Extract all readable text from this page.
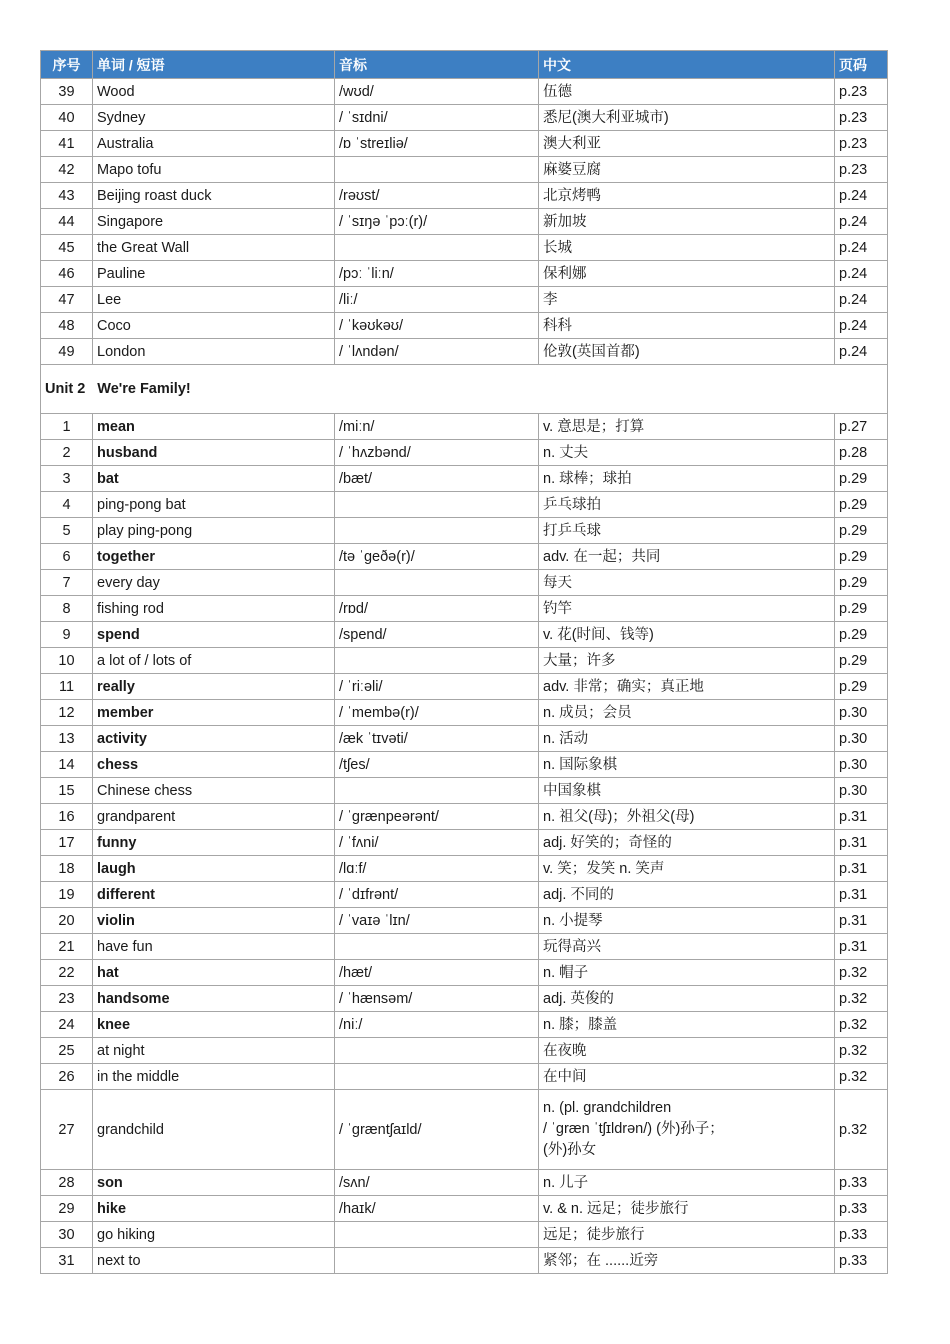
序号	单词 / 短语	音标	中文	页码
39	Wood	/wʊd/	伍德	p.23
40	Sydney	/ ˈsɪdni/	悉尼(澳大利亚城市)	p.23
41	Australia	/ɒ ˈstreɪliə/	澳大利亚	p.23
42	Mapo tofu		麻婆豆腐	p.23
43	Beijing roast duck	/rəʊst/	北京烤鸭	p.24
44	Singapore	/ ˈsɪŋə ˈpɔː(r)/	新加坡	p.24
45	the Great Wall		长城	p.24
46	Pauline	/pɔː ˈliːn/	保利娜	p.24
47	Lee	/liː/	李	p.24
48	Coco	/ ˈkəʊkəʊ/	科科	p.24
49	London	/ ˈlʌndən/	伦敦(英国首都)	p.24
Unit 2 We're Family!				
1	mean	/miːn/	v. 意思是；打算	p.27
2	husband	/ ˈhʌzbənd/	n. 丈夫	p.28
3	bat	/bæt/	n. 球棒；球拍	p.29
4	ping-pong bat		乒乓球拍	p.29
5	play ping-pong		打乒乓球	p.29
6	together	/tə ˈɡeðə(r)/	adv. 在一起；共同	p.29
7	every day		每天	p.29
8	fishing rod	/rɒd/	钓竿	p.29
9	spend	/spend/	v. 花(时间、钱等)	p.29
10	a lot of / lots of		大量；许多	p.29
11	really	/ ˈriːəli/	adv. 非常；确实；真正地	p.29
12	member	/ ˈmembə(r)/	n. 成员；会员	p.30
13	activity	/æk ˈtɪvəti/	n. 活动	p.30
14	chess	/tʃes/	n. 国际象棋	p.30
15	Chinese chess		中国象棋	p.30
16	grandparent	/ ˈɡrænpeərənt/	n. 祖父(母)；外祖父(母)	p.31
17	funny	/ ˈfʌni/	adj. 好笑的；奇怪的	p.31
18	laugh	/lɑːf/	v. 笑；发笑 n. 笑声	p.31
19	different	/ ˈdɪfrənt/	adj. 不同的	p.31
20	violin	/ ˈvaɪə ˈlɪn/	n. 小提琴	p.31
21	have fun		玩得高兴	p.31
22	hat	/hæt/	n. 帽子	p.32
23	handsome	/ ˈhænsəm/	adj. 英俊的	p.32
24	knee	/niː/	n. 膝；膝盖	p.32
25	at night		在夜晚	p.32
26	in the middle		在中间	p.32
27	grandchild	/ ˈɡræntʃaɪld/	n. (pl. grandchildren
/ ˈɡræn ˈtʃɪldrən/) (外)孙子；
(外)孙女	p.32
28	son	/sʌn/	n. 儿子	p.33
29	hike	/haɪk/	v. & n. 远足；徒步旅行	p.33
30	go hiking		远足；徒步旅行	p.33
31	next to		紧邻；在 ......近旁	p.33
